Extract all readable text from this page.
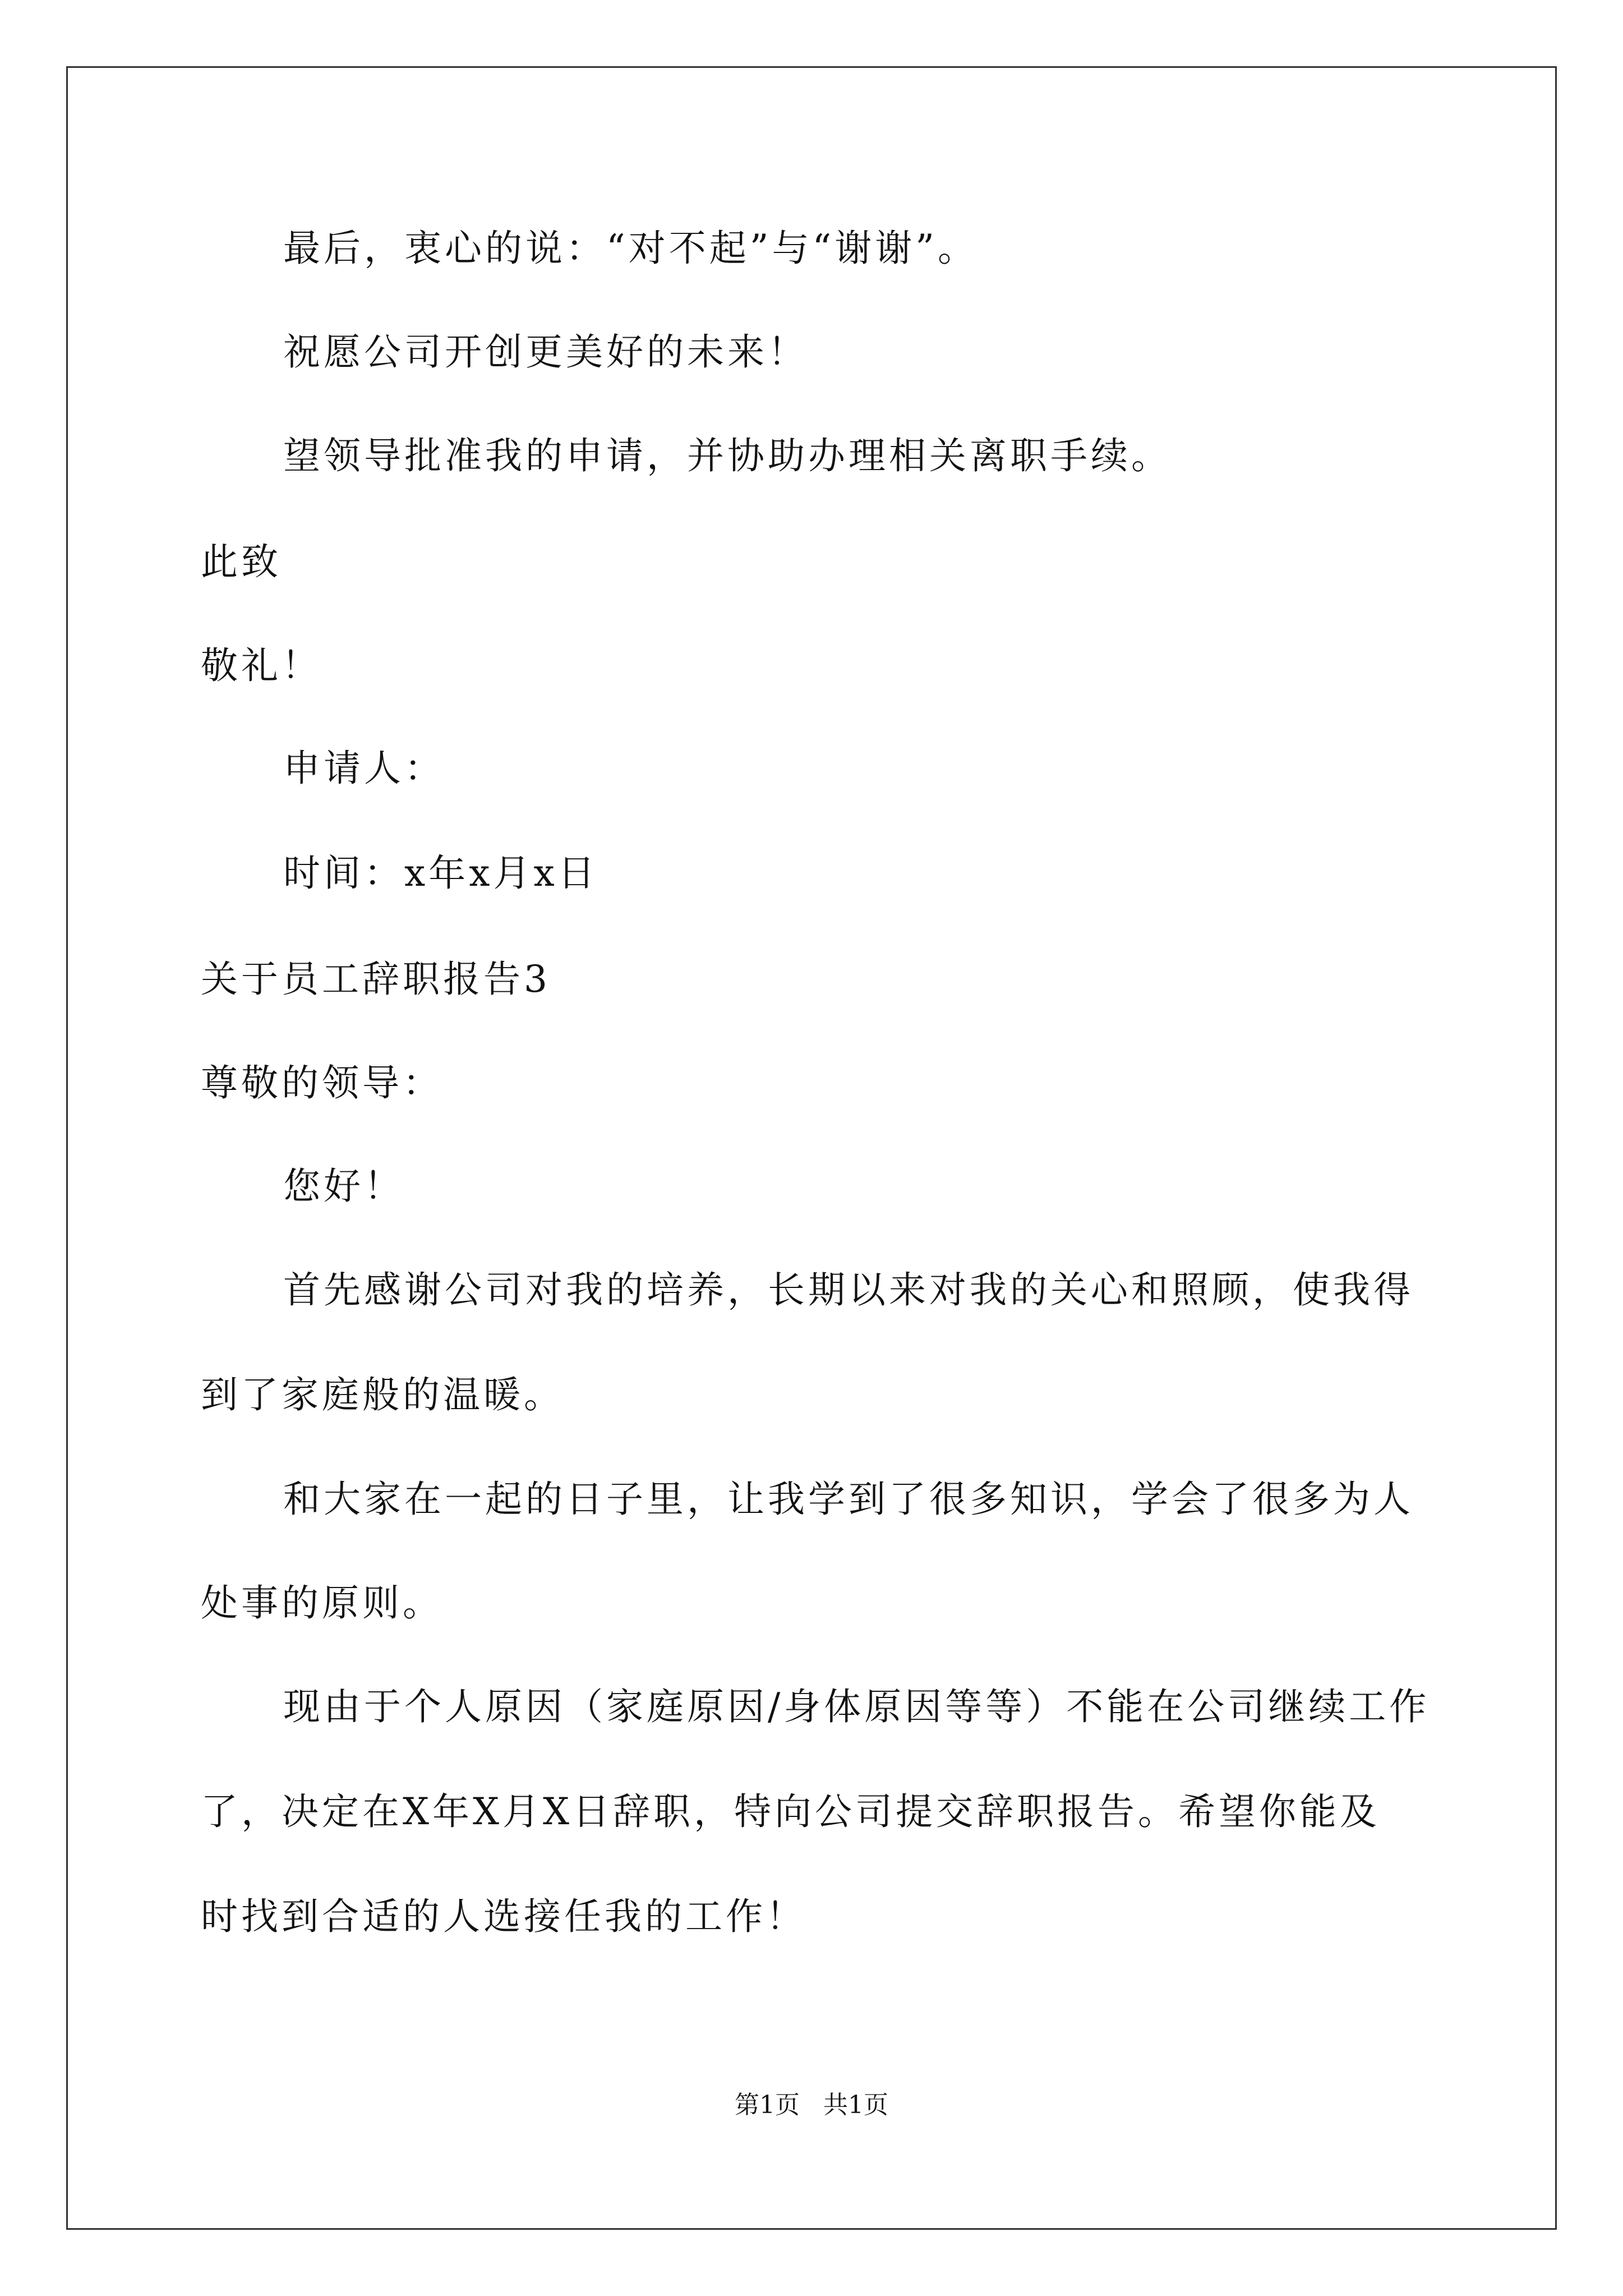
最后，衷心的说：“对不起”与“谢谢”。
祝愿公司开创更美好的未来！
望领导批准我的申请，并协助办理相关离职手续。
此致
敬礼！
申请人：
时间：x年x月x日
关于员工辞职报告3
尊敬的领导：
您好！
首先感谢公司对我的培养，长期以来对我的关心和照顾，使我得
到了家庭般的温暖。
和大家在一起的日子里，让我学到了很多知识，学会了很多为人
处事的原则。
现由于个人原因（家庭原因/身体原因等等）不能在公司继续工作
了，决定在X年X月X日辞职，特向公司提交辞职报告。希望你能及
时找到合适的人选接任我的工作！
第1页   共1页
